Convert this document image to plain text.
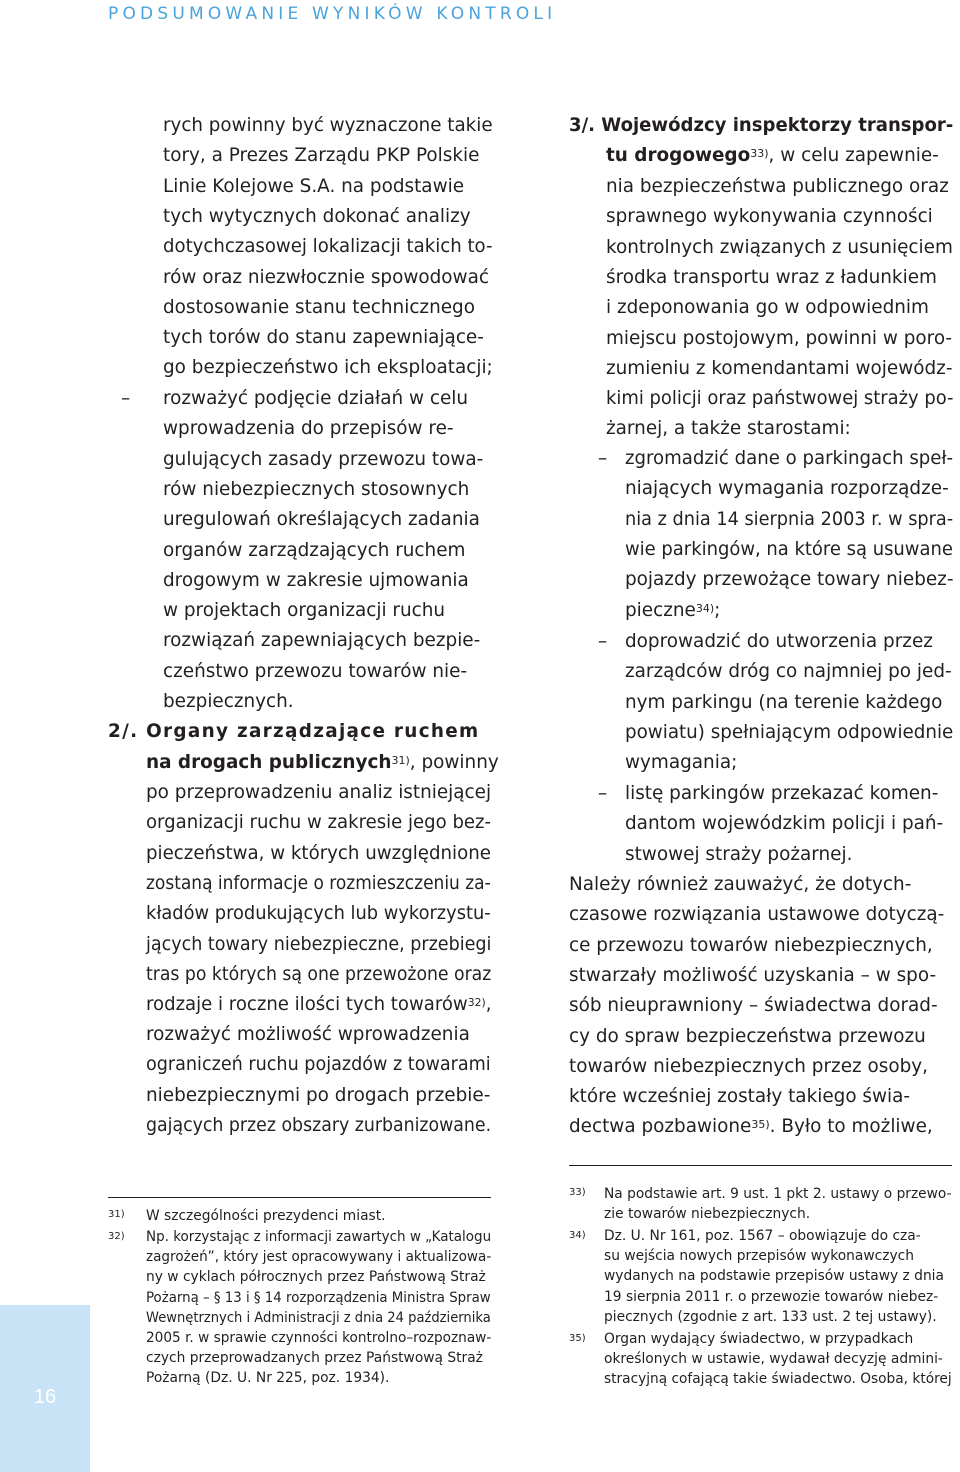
PODSUMOWANIE WYNIKÓW KONTROLI
rych powinny być wyznaczone takie
tory, a Prezes Zarządu PKP Polskie
Linie Kolejowe S.A. na podstawie
tych wytycznych dokonać analizy
dotychczasowej lokalizacji takich to-
rów oraz niezwłocznie spowodować
dostosowanie stanu technicznego
tych torów do stanu zapewniające-
go bezpieczeństwo ich eksploatacji;
– rozważyć podjęcie działań w celu
wprowadzenia do przepisów re-
gulujących zasady przewozu towa-
rów niebezpiecznych stosownych
uregulowań określających zadania
organów zarządzających ruchem
drogowym w zakresie ujmowania
w projektach organizacji ruchu
rozwiązań zapewniających bezpie-
czeństwo przewozu towarów nie-
bezpiecznych.
2/. Organy zarządzające ruchem
na drogach publicznych$^{31)}$, powinny
po przeprowadzeniu analiz istniejącej
organizacji ruchu w zakresie jego bez-
pieczeństwa, w których uwzględnione
zostaną informacje o rozmieszczeniu za-
kładów produkujących lub wykorzystu-
jących towary niebezpieczne, przebiegi
tras po których są one przewożone oraz
rodzaje i roczne ilości tych towarów$^{32)}$,
rozważyć możliwość wprowadzenia
ograniczeń ruchu pojazdów z towarami
niebezpiecznymi po drogach przebie-
gających przez obszary zurbanizowane.
3/. Wojewódzcy inspektorzy transpor-
tu drogowego$^{33)}$, w celu zapewnie-
nia bezpieczeństwa publicznego oraz
sprawnego wykonywania czynności
kontrolnych związanych z usunięciem
środka transportu wraz z ładunkiem
i zdeponowania go w odpowiednim
miejscu postojowym, powinni w poro-
zumieniu z komendantami wojewódz-
kimi policji oraz państwowej straży po-
żarnej, a także starostami:
– zgromadzić dane o parkingach speł-
niających wymagania rozporządze-
nia z dnia 14 sierpnia 2003 r. w spra-
wie parkingów, na które są usuwane
pojazdy przewożące towary niebez-
pieczne$^{34)}$;
– doprowadzić do utworzenia przez
zarządców dróg co najmniej po jed-
nym parkingu (na terenie każdego
powiatu) spełniającym odpowiednie
wymagania;
– listę parkingów przekazać komen-
dantom wojewódzkim policji i pań-
stwowej straży pożarnej.
Należy również zauważyć, że dotych-
czasowe rozwiązania ustawowe dotyczą-
ce przewozu towarów niebezpiecznych,
stwarzały możliwość uzyskania – w spo-
sób nieuprawniony – świadectwa dorad-
cy do spraw bezpieczeństwa przewozu
towarów niebezpiecznych przez osoby,
które wcześniej zostały takiego świa-
dectwa pozbawione$^{35)}$. Było to możliwe,
31) W szczególności prezydenci miast.
32) Np. korzystając z informacji zawartych w „Katalogu
zagrożeń”, który jest opracowywany i aktualizowa-
ny w cyklach półrocznych przez Państwową Straż
Pożarną – § 13 i § 14 rozporządzenia Ministra Spraw
Wewnętrznych i Administracji z dnia 24 października
2005 r. w sprawie czynności kontrolno–rozpoznaw-
czych przeprowadzanych przez Państwową Straż
Pożarną (Dz. U. Nr 225, poz. 1934).
33) Na podstawie art. 9 ust. 1 pkt 2. ustawy o przewo-
zie towarów niebezpiecznych.
34) Dz. U. Nr 161, poz. 1567 – obowiązuje do cza-
su wejścia nowych przepisów wykonawczych
wydanych na podstawie przepisów ustawy z dnia
19 sierpnia 2011 r. o przewozie towarów niebez-
piecznych (zgodnie z art. 133 ust. 2 tej ustawy).
35) Organ wydający świadectwo, w przypadkach
określonych w ustawie, wydawał decyzję admini-
stracyjną cofającą takie świadectwo. Osoba, której
16
